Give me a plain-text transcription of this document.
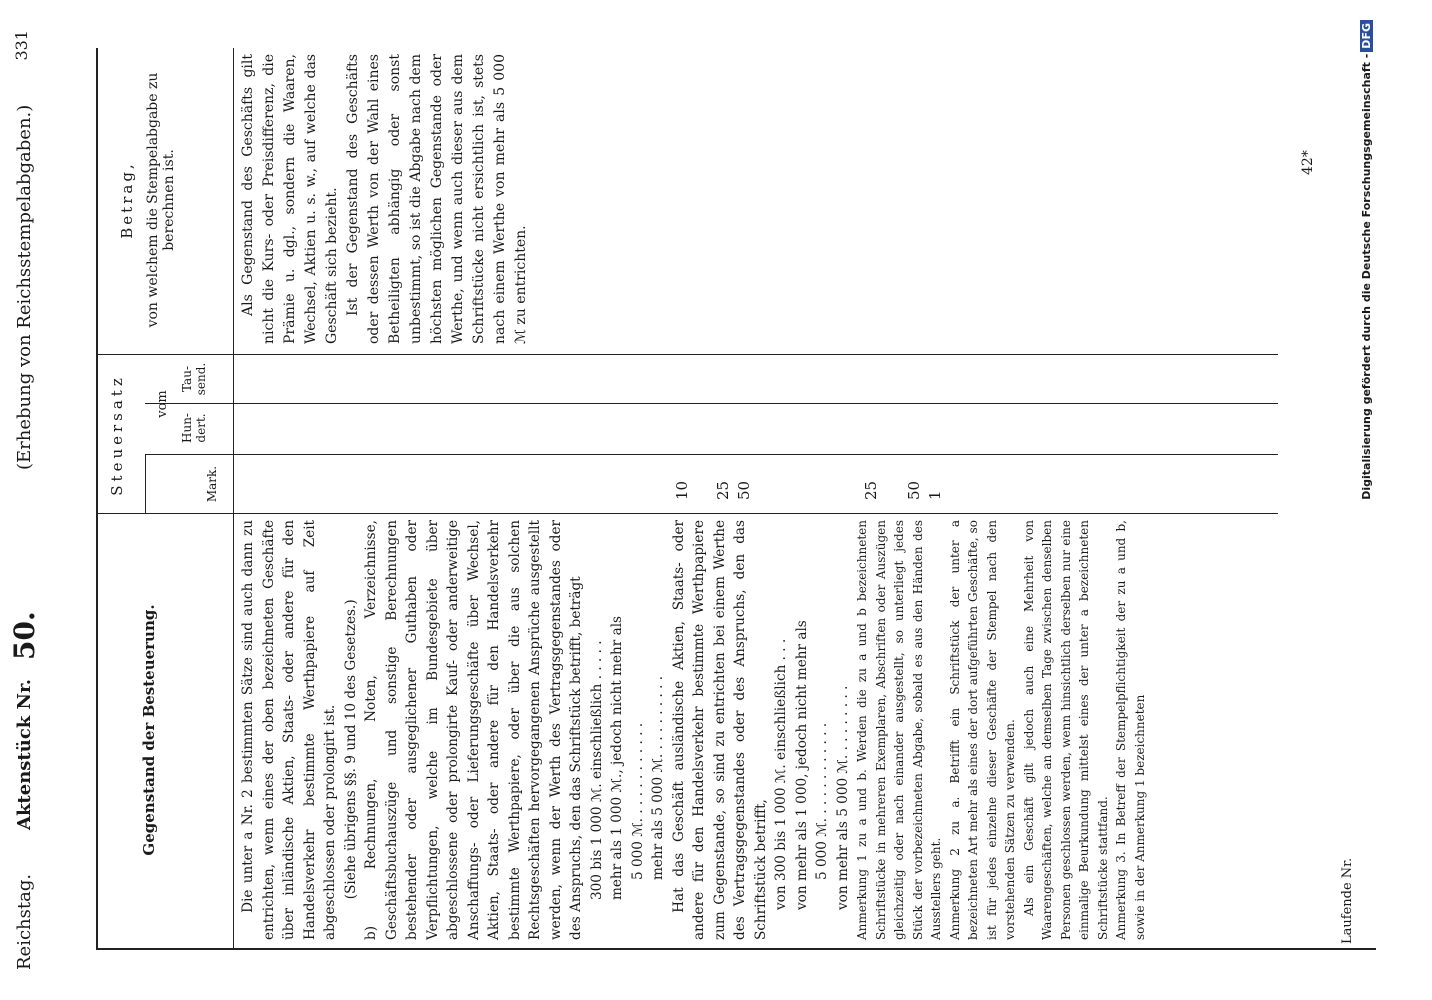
Reichstag.
Aktenstück Nr.
50.
(Erhebung von Reichsstempelabgaben.)
331
Gegenstand der Besteuerung.
Steuersatz	Mark.
vom
Hun-dert.
Tau-send.
Betrag, von welchem die Stempelabgabe zu berechnen ist.

Die unter a Nr. 2 bestimmten Sätze sind auch dann zu entrichten, wenn eines der oben bezeichneten Geschäfte über inländische Aktien, Staats- oder andere für den Handelsverkehr bestimmte Werthpapiere auf Zeit abgeschlossen oder prolongirt ist. (Siehe übrigens §§. 9 und 10 des Gesetzes.) b) Rechnungen, Noten, Verzeichnisse, Geschäftsbuchauszüge und sonstige Berechnungen bestehender oder ausgeglichener Guthaben oder Verpflichtungen, welche im Bundesgebiete über abgeschlossene oder prolongirte Kauf- oder anderweitige Anschaffungs- oder Lieferungsgeschäfte über Wechsel, Aktien, Staats- oder andere für den Handelsverkehr bestimmte Werthpapiere, oder über die aus solchen Rechtsgeschäften hervorgegangenen Ansprüche ausgestellt werden, wenn der Werth des Vertragsgegenstandes oder des Anspruchs, den das Schriftstück betrifft, beträgt 300 bis 1 000 ℳ. einschließlich . . . . . mehr als 1 000 ℳ., jedoch nicht mehr als 5 000 ℳ. . . . . . . . . . . . mehr als 5 000 ℳ. . . . . . . . . . Hat das Geschäft ausländische Aktien, Staats- oder andere für den Handelsverkehr bestimmte Werthpapiere zum Gegenstande, so sind zu entrichten bei einem Werthe des Vertragsgegenstandes oder des Anspruchs, den das Schriftstück betrifft, von 300 bis 1 000 ℳ. einschließlich . . . von mehr als 1 000, jedoch nicht mehr als 5 000 ℳ. . . . . . . . . . . . von mehr als 5 000 ℳ. . . . . . . . . Anmerkung 1 zu a und b. Werden die zu a und b bezeichneten Schriftstücke in mehreren Exemplaren, Abschriften oder Auszügen gleichzeitig oder nach einander ausgestellt, so unterliegt jedes Stück der vorbezeichneten Abgabe, sobald es aus den Händen des Ausstellers geht. Anmerkung 2 zu a. Betrifft ein Schriftstück der unter a bezeichneten Art mehr als eines der dort aufgeführten Geschäfte, so ist für jedes einzelne dieser Geschäfte der Stempel nach den vorstehenden Sätzen zu verwenden. Als ein Geschäft gilt jedoch auch eine Mehrheit von Waarengeschäften, welche an demselben Tage zwischen denselben Personen geschlossen werden, wenn hinsichtlich derselben nur eine einmalige Beurkundung mittelst eines der unter a bezeichneten Schriftstücke stattfand. Anmerkung 3. In Betreff der Stempelpflichtigkeit der zu a und b, sowie in der Anmerkung 1 bezeichneten

10 25 50	25 50 1

Als Gegenstand des Geschäfts gilt nicht die Kurs- oder Preisdifferenz, die Prämie u. dgl., sondern die Waaren, Wechsel, Aktien u. s. w., auf welche das Geschäft sich bezieht. Ist der Gegenstand des Geschäfts oder dessen Werth von der Wahl eines Betheiligten abhängig oder sonst unbestimmt, so ist die Abgabe nach dem höchsten möglichen Gegenstande oder Werthe, und wenn auch dieser aus dem Schriftstücke nicht ersichtlich ist, stets nach einem Werthe von mehr als 5 000 ℳ zu entrichten.

42*
Laufende Nr.
Digitalisierung gefördert durch die Deutsche Forschungsgemeinschaft -DFG
